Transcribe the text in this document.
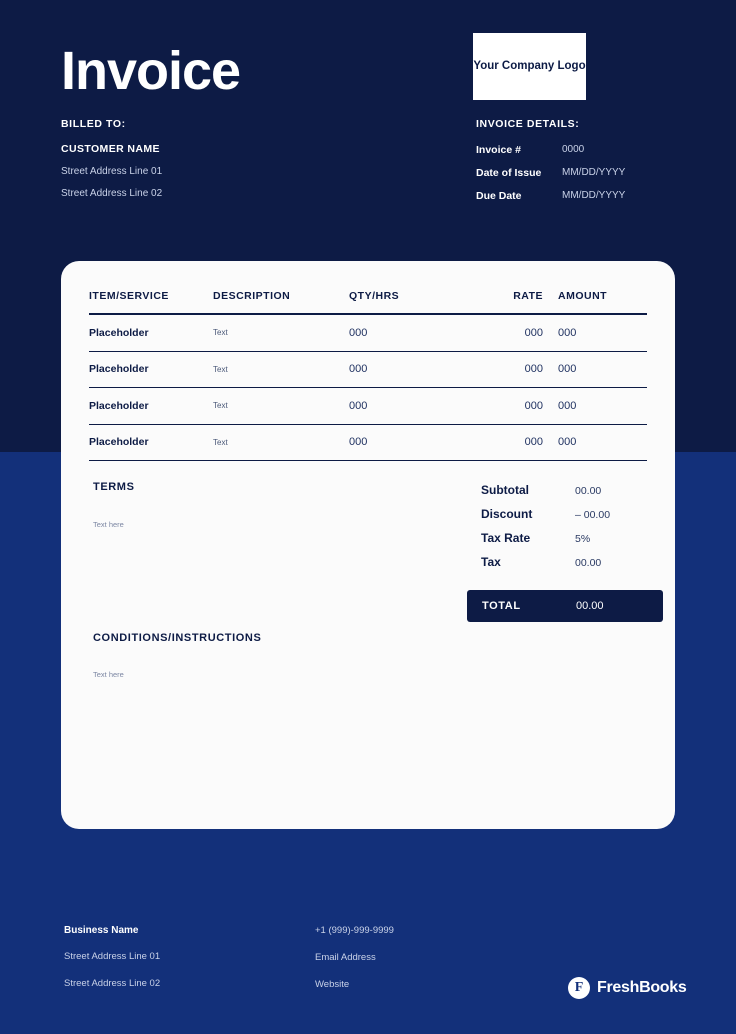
Invoice	Your Company Logo
BILLED TO:
CUSTOMER NAME
Street Address Line 01
Street Address Line 02
INVOICE DETAILS:
Invoice #	0000
Date of Issue	MM/DD/YYYY
Due Date	MM/DD/YYYY
ITEM/SERVICE	DESCRIPTION	QTY/HRS	RATE	AMOUNT
Placeholder	Text	000	000	000
Placeholder	Text	000	000	000
Placeholder	Text	000	000	000
Placeholder	Text	000	000	000
TERMS

Text here

Subtotal	00.00
Discount	– 00.00
Tax Rate	5%
Tax	00.00
TOTAL	00.00
CONDITIONS/INSTRUCTIONS

Text here

Business Name
Street Address Line 01
Street Address Line 02
+1 (999)-999-9999
Email Address
Website	F FreshBooks
